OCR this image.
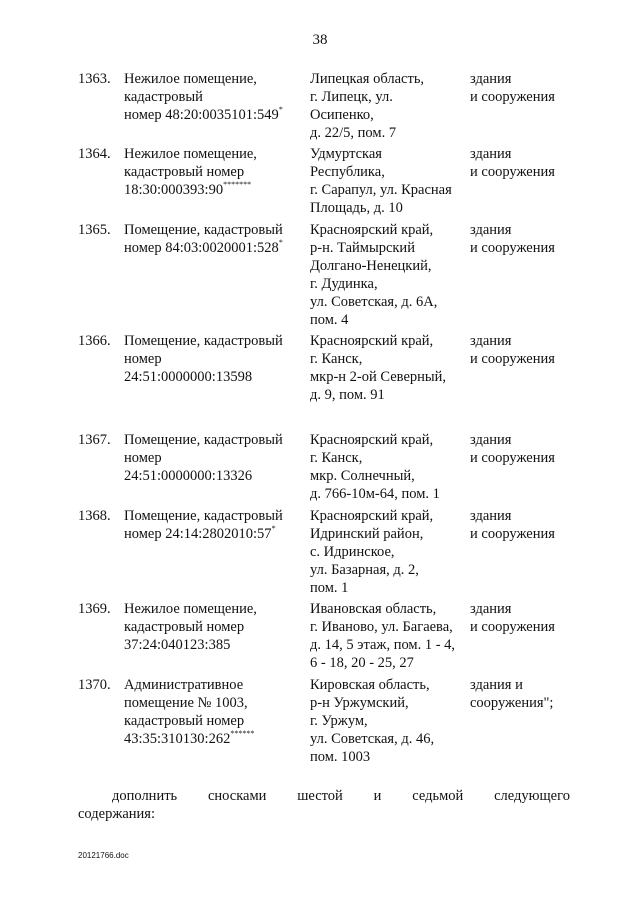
38
1363. Нежилое помещение,
кадастровый
номер 48:20:0035101:549*
Липецкая область,
г. Липецк, ул.
Осипенко,
д. 22/5, пом. 7
здания
и сооружения
1364. Нежилое помещение,
кадастровый номер
18:30:000393:90*******
Удмуртская
Республика,
г. Сарапул, ул. Красная
Площадь, д. 10
здания
и сооружения
1365. Помещение, кадастровый
номер 84:03:0020001:528*
Красноярский край,
р-н. Таймырский
Долгано-Ненецкий,
г. Дудинка,
ул. Советская, д. 6А,
пом. 4
здания
и сооружения
1366. Помещение, кадастровый
номер
24:51:0000000:13598
Красноярский край,
г. Канск,
мкр-н 2-ой Северный,
д. 9, пом. 91
здания
и сооружения
1367. Помещение, кадастровый
номер
24:51:0000000:13326
Красноярский край,
г. Канск,
мкр. Солнечный,
д. 766-10м-64, пом. 1
здания
и сооружения
1368. Помещение, кадастровый
номер 24:14:2802010:57*
Красноярский край,
Идринский район,
с. Идринское,
ул. Базарная, д. 2,
пом. 1
здания
и сооружения
1369. Нежилое помещение,
кадастровый номер
37:24:040123:385
Ивановская область,
г. Иваново, ул. Багаева,
д. 14, 5 этаж, пом. 1 - 4,
6 - 18, 20 - 25, 27
здания
и сооружения
1370. Административное
помещение № 1003,
кадастровый номер
43:35:310130:262******
Кировская область,
р-н Уржумский,
г. Уржум,
ул. Советская, д. 46,
пом. 1003
здания и
сооружения";
дополнить сносками шестой и седьмой следующего
содержания:
20121766.doc
